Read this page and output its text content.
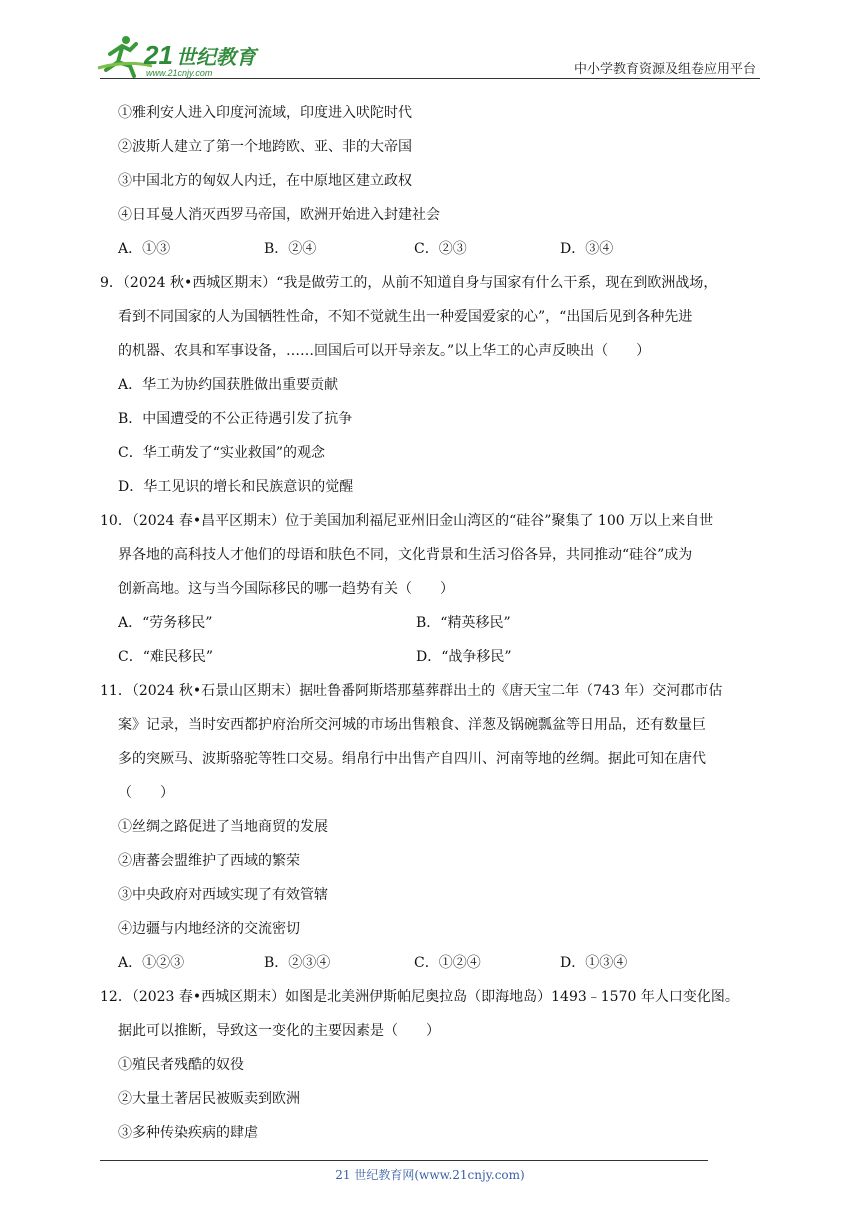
21 世纪教育
www.21cnjy.com	中小学教育资源及组卷应用平台
①雅利安人进入印度河流域，印度进入吠陀时代
②波斯人建立了第一个地跨欧、亚、非的大帝国
③中国北方的匈奴人内迁，在中原地区建立政权
④日耳曼人消灭西罗马帝国，欧洲开始进入封建社会
A．①③	B．②④	C．②③	D．③④
9．（2024 秋•西城区期末）“我是做劳工的，从前不知道自身与国家有什么干系，现在到欧洲战场，
看到不同国家的人为国牺牲性命，不知不觉就生出一种爱国爱家的心”，“出国后见到各种先进
的机器、农具和军事设备，……回国后可以开导亲友。”以上华工的心声反映出（　　）
A．华工为协约国获胜做出重要贡献
B．中国遭受的不公正待遇引发了抗争
C．华工萌发了“实业救国”的观念
D．华工见识的增长和民族意识的觉醒
10．（2024 春•昌平区期末）位于美国加利福尼亚州旧金山湾区的“硅谷”聚集了 100 万以上来自世
界各地的高科技人才他们的母语和肤色不同，文化背景和生活习俗各异，共同推动“硅谷”成为
创新高地。这与当今国际移民的哪一趋势有关（　　）
A．“劳务移民”	B．“精英移民”
C．“难民移民”	D．“战争移民”
11．（2024 秋•石景山区期末）据吐鲁番阿斯塔那墓葬群出土的《唐天宝二年（743 年）交河郡市估
案》记录，当时安西都护府治所交河城的市场出售粮食、洋葱及锅碗瓢盆等日用品，还有数量巨
多的突厥马、波斯骆驼等牲口交易。绢帛行中出售产自四川、河南等地的丝绸。据此可知在唐代
（　　）
①丝绸之路促进了当地商贸的发展
②唐蕃会盟维护了西域的繁荣
③中央政府对西域实现了有效管辖
④边疆与内地经济的交流密切
A．①②③	B．②③④	C．①②④	D．①③④
12．（2023 春•西城区期末）如图是北美洲伊斯帕尼奥拉岛（即海地岛）1493﹣1570 年人口变化图。
据此可以推断，导致这一变化的主要因素是（　　）
①殖民者残酷的奴役
②大量土著居民被贩卖到欧洲
③多种传染疾病的肆虐
21 世纪教育网(www.21cnjy.com)
